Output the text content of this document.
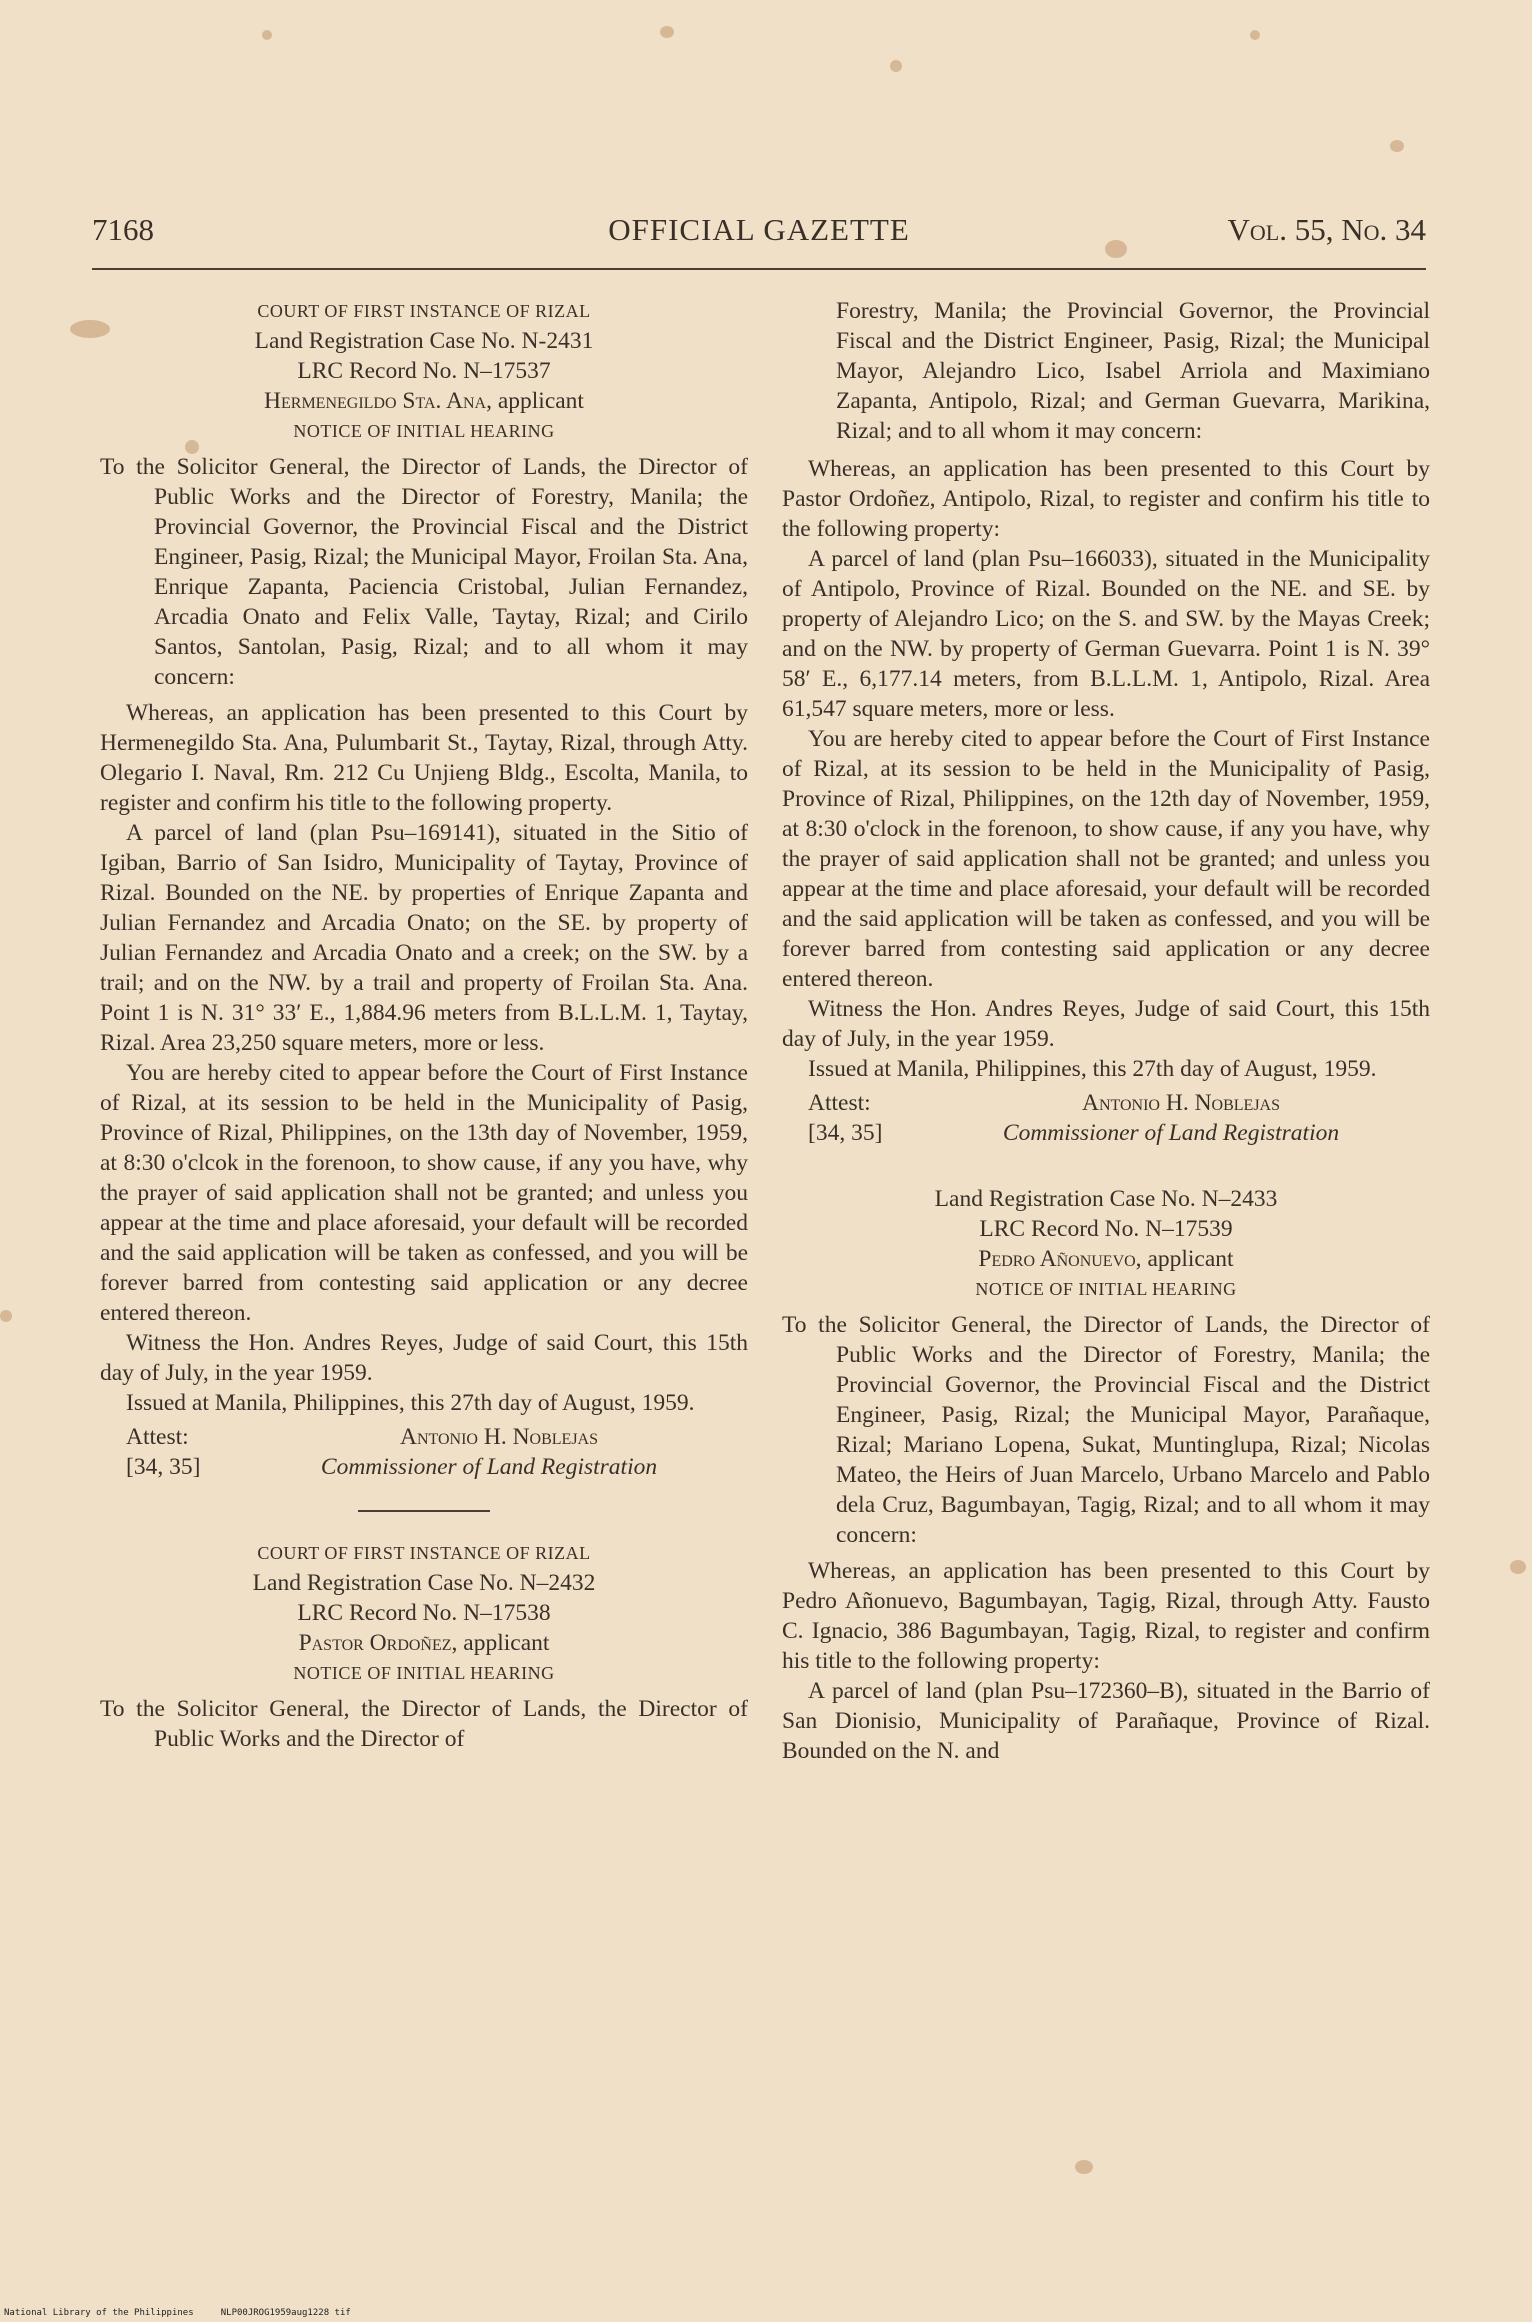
7168	OFFICIAL GAZETTE	Vol. 55, No. 34

COURT OF FIRST INSTANCE OF RIZAL

Land Registration Case No. N-2431

LRC Record No. N–17537

Hermenegildo Sta. Ana, applicant

NOTICE OF INITIAL HEARING

To the Solicitor General, the Director of Lands, the Director of Public Works and the Director of Forestry, Manila; the Provincial Governor, the Provincial Fiscal and the District Engineer, Pasig, Rizal; the Municipal Mayor, Froilan Sta. Ana, Enrique Zapanta, Paciencia Cristobal, Julian Fernandez, Arcadia Onato and Felix Valle, Taytay, Rizal; and Cirilo Santos, Santolan, Pasig, Rizal; and to all whom it may concern:

Whereas, an application has been presented to this Court by Hermenegildo Sta. Ana, Pulumbarit St., Taytay, Rizal, through Atty. Olegario I. Naval, Rm. 212 Cu Unjieng Bldg., Escolta, Manila, to register and confirm his title to the following property.

A parcel of land (plan Psu–169141), situated in the Sitio of Igiban, Barrio of San Isidro, Municipality of Taytay, Province of Rizal. Bounded on the NE. by properties of Enrique Zapanta and Julian Fernandez and Arcadia Onato; on the SE. by property of Julian Fernandez and Arcadia Onato and a creek; on the SW. by a trail; and on the NW. by a trail and property of Froilan Sta. Ana. Point 1 is N. 31° 33′ E., 1,884.96 meters from B.L.L.M. 1, Taytay, Rizal. Area 23,250 square meters, more or less.

You are hereby cited to appear before the Court of First Instance of Rizal, at its session to be held in the Municipality of Pasig, Province of Rizal, Philippines, on the 13th day of November, 1959, at 8:30 o'clcok in the forenoon, to show cause, if any you have, why the prayer of said application shall not be granted; and unless you appear at the time and place aforesaid, your default will be recorded and the said application will be taken as confessed, and you will be forever barred from contesting said application or any decree entered thereon.

Witness the Hon. Andres Reyes, Judge of said Court, this 15th day of July, in the year 1959.

Issued at Manila, Philippines, this 27th day of August, 1959.

Attest:	Antonio H. Noblejas
[34, 35]	Commissioner of Land Registration

COURT OF FIRST INSTANCE OF RIZAL

Land Registration Case No. N–2432

LRC Record No. N–17538

Pastor Ordoñez, applicant

NOTICE OF INITIAL HEARING

To the Solicitor General, the Director of Lands, the Director of Public Works and the Director of

Forestry, Manila; the Provincial Governor, the Provincial Fiscal and the District Engineer, Pasig, Rizal; the Municipal Mayor, Alejandro Lico, Isabel Arriola and Maximiano Zapanta, Antipolo, Rizal; and German Guevarra, Marikina, Rizal; and to all whom it may concern:

Whereas, an application has been presented to this Court by Pastor Ordoñez, Antipolo, Rizal, to register and confirm his title to the following property:

A parcel of land (plan Psu–166033), situated in the Municipality of Antipolo, Province of Rizal. Bounded on the NE. and SE. by property of Alejandro Lico; on the S. and SW. by the Mayas Creek; and on the NW. by property of German Guevarra. Point 1 is N. 39° 58′ E., 6,177.14 meters, from B.L.L.M. 1, Antipolo, Rizal. Area 61,547 square meters, more or less.

You are hereby cited to appear before the Court of First Instance of Rizal, at its session to be held in the Municipality of Pasig, Province of Rizal, Philippines, on the 12th day of November, 1959, at 8:30 o'clock in the forenoon, to show cause, if any you have, why the prayer of said application shall not be granted; and unless you appear at the time and place aforesaid, your default will be recorded and the said application will be taken as confessed, and you will be forever barred from contesting said application or any decree entered thereon.

Witness the Hon. Andres Reyes, Judge of said Court, this 15th day of July, in the year 1959.

Issued at Manila, Philippines, this 27th day of August, 1959.

Attest:	Antonio H. Noblejas
[34, 35]	Commissioner of Land Registration

Land Registration Case No. N–2433

LRC Record No. N–17539

Pedro Añonuevo, applicant

NOTICE OF INITIAL HEARING

To the Solicitor General, the Director of Lands, the Director of Public Works and the Director of Forestry, Manila; the Provincial Governor, the Provincial Fiscal and the District Engineer, Pasig, Rizal; the Municipal Mayor, Parañaque, Rizal; Mariano Lopena, Sukat, Muntinglupa, Rizal; Nicolas Mateo, the Heirs of Juan Marcelo, Urbano Marcelo and Pablo dela Cruz, Bagumbayan, Tagig, Rizal; and to all whom it may concern:

Whereas, an application has been presented to this Court by Pedro Añonuevo, Bagumbayan, Tagig, Rizal, through Atty. Fausto C. Ignacio, 386 Bagumbayan, Tagig, Rizal, to register and confirm his title to the following property:

A parcel of land (plan Psu–172360–B), situated in the Barrio of San Dionisio, Municipality of Parañaque, Province of Rizal. Bounded on the N. and

National Library of the Philippines     NLP00JROG1959aug1228 tif
